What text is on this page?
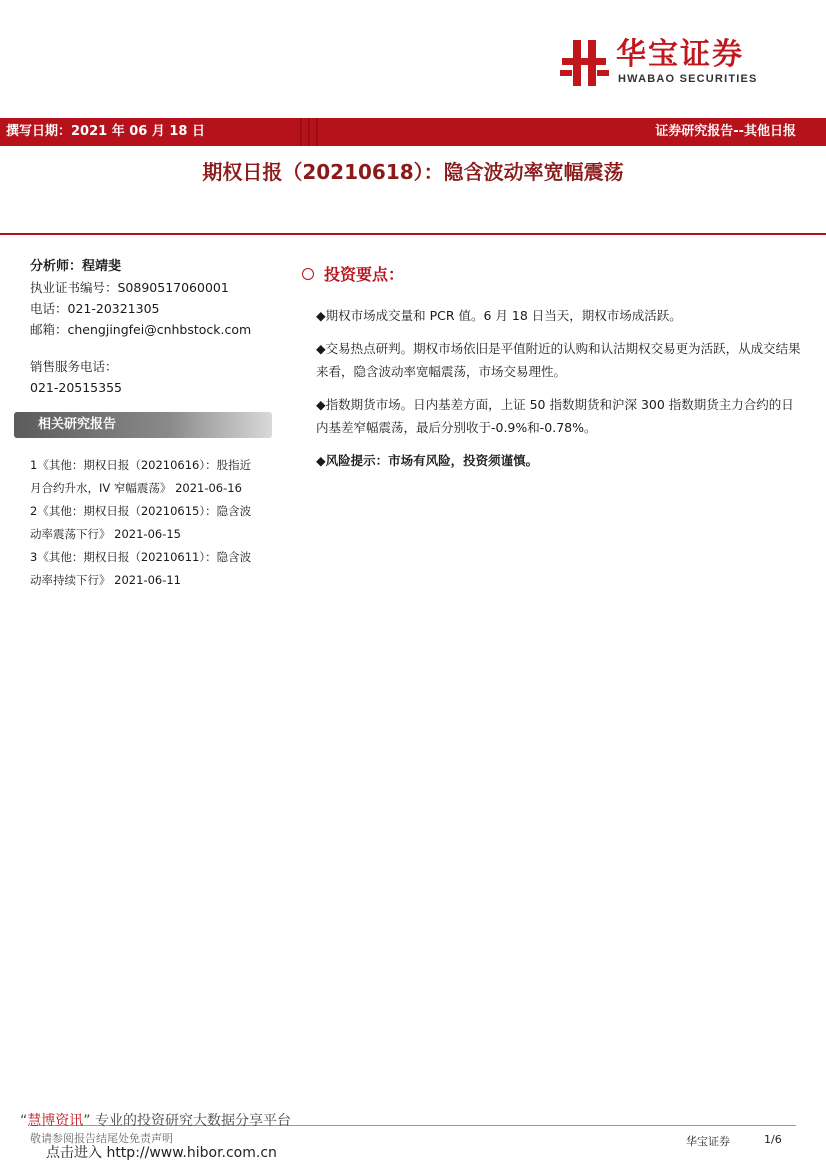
华宝证券
HWABAO SECURITIES
撰写日期：2021 年 06 月 18 日	证券研究报告--其他日报
期权日报（20210618）：隐含波动率宽幅震荡
分析师：程靖斐
执业证书编号：S0890517060001
电话：021-20321305
邮箱：chengjingfei@cnhbstock.com
销售服务电话：
021-20515355
相关研究报告

1《其他：期权日报（20210616）：股指近
月合约升水，IV 窄幅震荡》 2021-06-16

2《其他：期权日报（20210615）：隐含波
动率震荡下行》 2021-06-15

3《其他：期权日报（20210611）：隐含波
动率持续下行》 2021-06-11

投资要点：

◆期权市场成交量和 PCR 值。6 月 18 日当天，期权市场成活跃。

◆交易热点研判。期权市场依旧是平值附近的认购和认沽期权交易更为活跃，从成交结果来看，隐含波动率宽幅震荡，市场交易理性。

◆指数期货市场。日内基差方面，上证 50 指数期货和沪深 300 指数期货主力合约的日内基差窄幅震荡，最后分别收于-0.9%和-0.78%。

◆风险提示：市场有风险，投资须谨慎。

“慧博资讯” 专业的投资研究大数据分享平台
敬请参阅报告结尾处免责声明
点击进入 http://www.hibor.com.cn
华宝证券	1/6
